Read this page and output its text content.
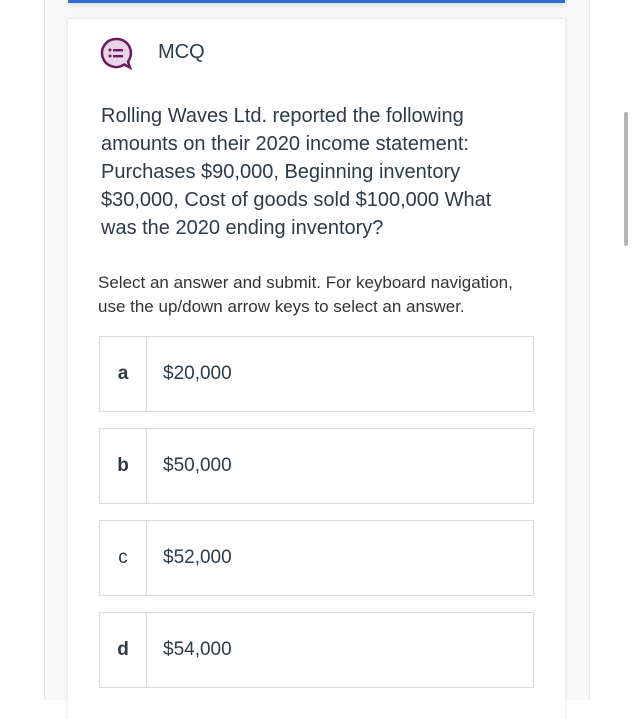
MCQ
Rolling Waves Ltd. reported the following amounts on their 2020 income statement: Purchases $90,000, Beginning inventory $30,000, Cost of goods sold $100,000 What was the 2020 ending inventory?
Select an answer and submit. For keyboard navigation, use the up/down arrow keys to select an answer.
a	$20,000
b	$50,000
c	$52,000
d	$54,000
